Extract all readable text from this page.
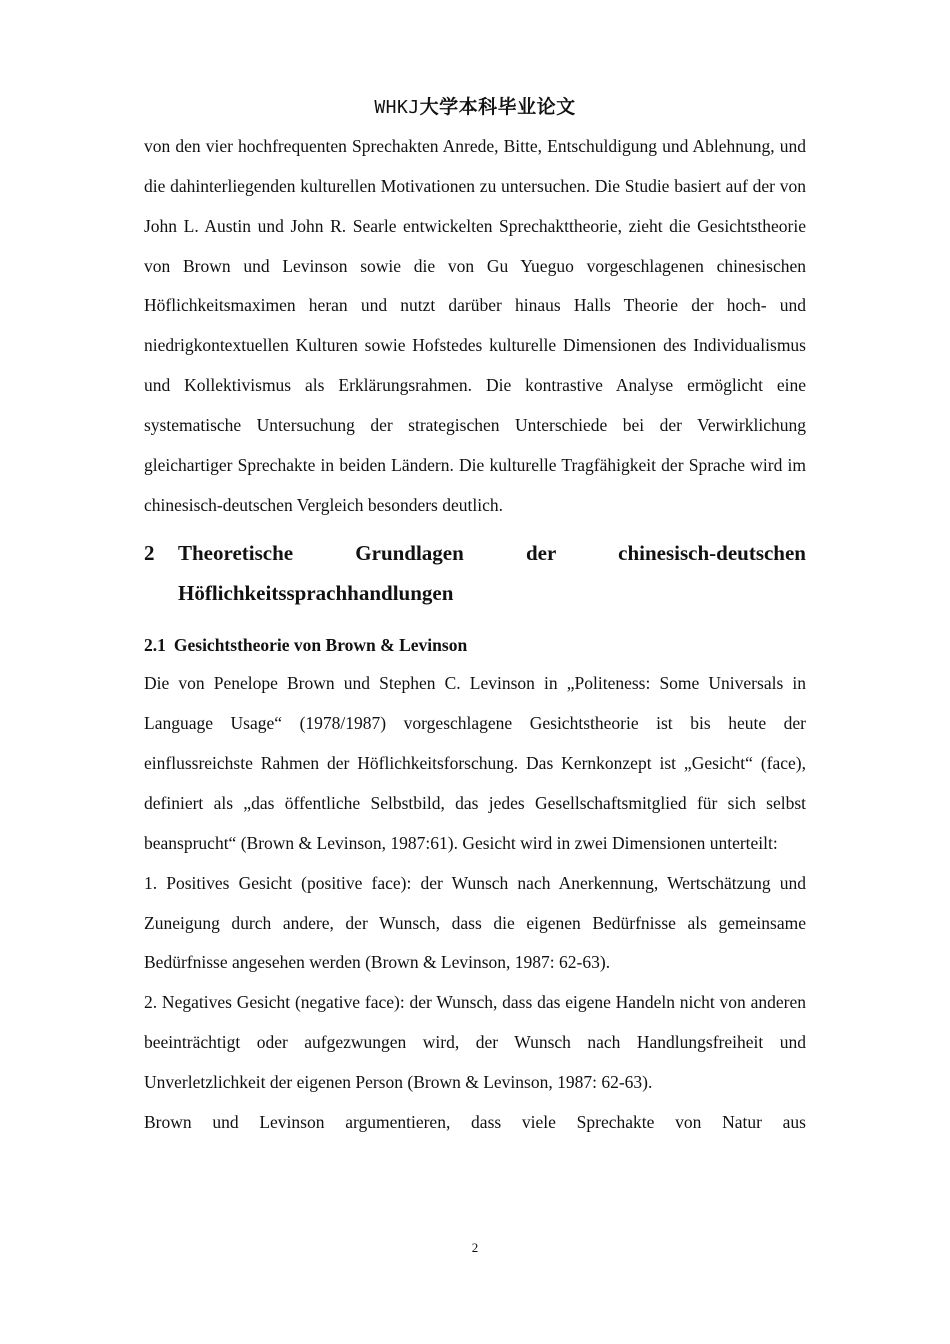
WHKJ大学本科毕业论文

von den vier hochfrequenten Sprechakten Anrede, Bitte, Entschuldigung und Ablehnung, und die dahinterliegenden kulturellen Motivationen zu untersuchen. Die Studie basiert auf der von John L. Austin und John R. Searle entwickelten Sprechakttheorie, zieht die Gesichtstheorie von Brown und Levinson sowie die von Gu Yueguo vorgeschlagenen chinesischen Höflichkeitsmaximen heran und nutzt darüber hinaus Halls Theorie der hoch- und niedrigkontextuellen Kulturen sowie Hofstedes kulturelle Dimensionen des Individualismus und Kollektivismus als Erklärungsrahmen. Die kontrastive Analyse ermöglicht eine systematische Untersuchung der strategischen Unterschiede bei der Verwirklichung gleichartiger Sprechakte in beiden Ländern. Die kulturelle Tragfähigkeit der Sprache wird im chinesisch-deutschen Vergleich besonders deutlich.

2 Theoretische Grundlagen der chinesisch-deutschen Höflichkeitssprachhandlungen
2.1 Gesichtstheorie von Brown & Levinson

Die von Penelope Brown und Stephen C. Levinson in „Politeness: Some Universals in Language Usage“ (1978/1987) vorgeschlagene Gesichtstheorie ist bis heute der einflussreichste Rahmen der Höflichkeitsforschung. Das Kernkonzept ist „Gesicht“ (face), definiert als „das öffentliche Selbstbild, das jedes Gesellschaftsmitglied für sich selbst beansprucht“ (Brown & Levinson, 1987:61). Gesicht wird in zwei Dimensionen unterteilt:

1. Positives Gesicht (positive face): der Wunsch nach Anerkennung, Wertschätzung und Zuneigung durch andere, der Wunsch, dass die eigenen Bedürfnisse als gemeinsame Bedürfnisse angesehen werden (Brown & Levinson, 1987: 62-63).

2. Negatives Gesicht (negative face): der Wunsch, dass das eigene Handeln nicht von anderen beeinträchtigt oder aufgezwungen wird, der Wunsch nach Handlungsfreiheit und Unverletzlichkeit der eigenen Person (Brown & Levinson, 1987: 62-63).

Brown und Levinson argumentieren, dass viele Sprechakte von Natur aus

2
